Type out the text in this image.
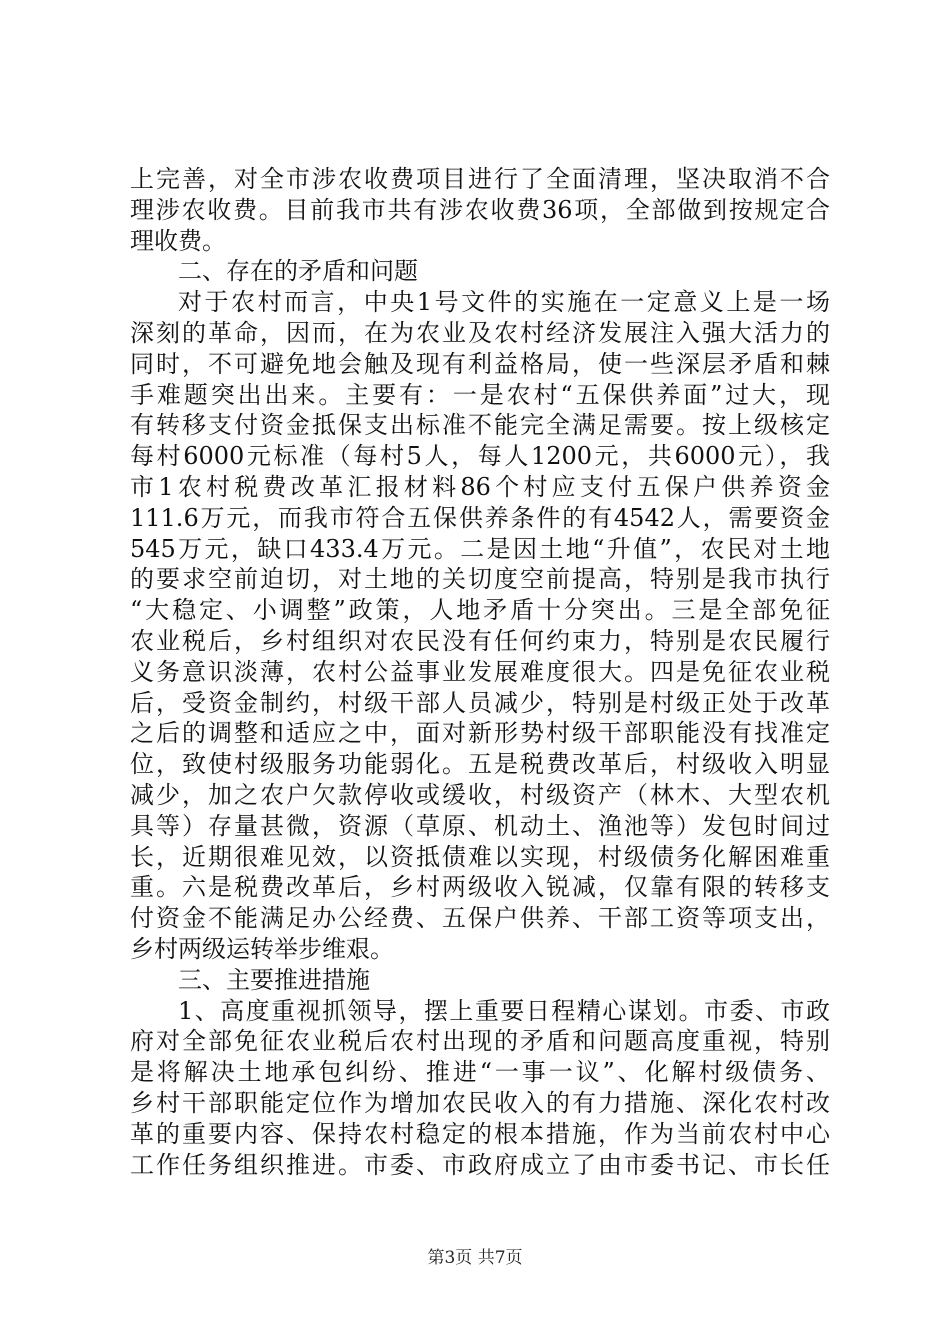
上完善，对全市涉农收费项目进行了全面清理，坚决取消不合
理涉农收费。目前我市共有涉农收费36项，全部做到按规定合
理收费。
二、存在的矛盾和问题
对于农村而言，中央1号文件的实施在一定意义上是一场
深刻的革命，因而，在为农业及农村经济发展注入强大活力的
同时，不可避免地会触及现有利益格局，使一些深层矛盾和棘
手难题突出出来。主要有：一是农村“五保供养面”过大，现
有转移支付资金抵保支出标准不能完全满足需要。按上级核定
每村6000元标准（每村5人，每人1200元，共6000元），我
市1农村税费改革汇报材料86个村应支付五保户供养资金
111.6万元，而我市符合五保供养条件的有4542人，需要资金
545万元，缺口433.4万元。二是因土地“升值”，农民对土地
的要求空前迫切，对土地的关切度空前提高，特别是我市执行
“大稳定、小调整”政策，人地矛盾十分突出。三是全部免征
农业税后，乡村组织对农民没有任何约束力，特别是农民履行
义务意识淡薄，农村公益事业发展难度很大。四是免征农业税
后，受资金制约，村级干部人员减少，特别是村级正处于改革
之后的调整和适应之中，面对新形势村级干部职能没有找准定
位，致使村级服务功能弱化。五是税费改革后，村级收入明显
减少，加之农户欠款停收或缓收，村级资产（林木、大型农机
具等）存量甚微，资源（草原、机动土、渔池等）发包时间过
长，近期很难见效，以资抵债难以实现，村级债务化解困难重
重。六是税费改革后，乡村两级收入锐减，仅靠有限的转移支
付资金不能满足办公经费、五保户供养、干部工资等项支出，
乡村两级运转举步维艰。
三、主要推进措施
1、高度重视抓领导，摆上重要日程精心谋划。市委、市政
府对全部免征农业税后农村出现的矛盾和问题高度重视，特别
是将解决土地承包纠纷、推进“一事一议”、化解村级债务、
乡村干部职能定位作为增加农民收入的有力措施、深化农村改
革的重要内容、保持农村稳定的根本措施，作为当前农村中心
工作任务组织推进。市委、市政府成立了由市委书记、市长任
第3页 共7页
